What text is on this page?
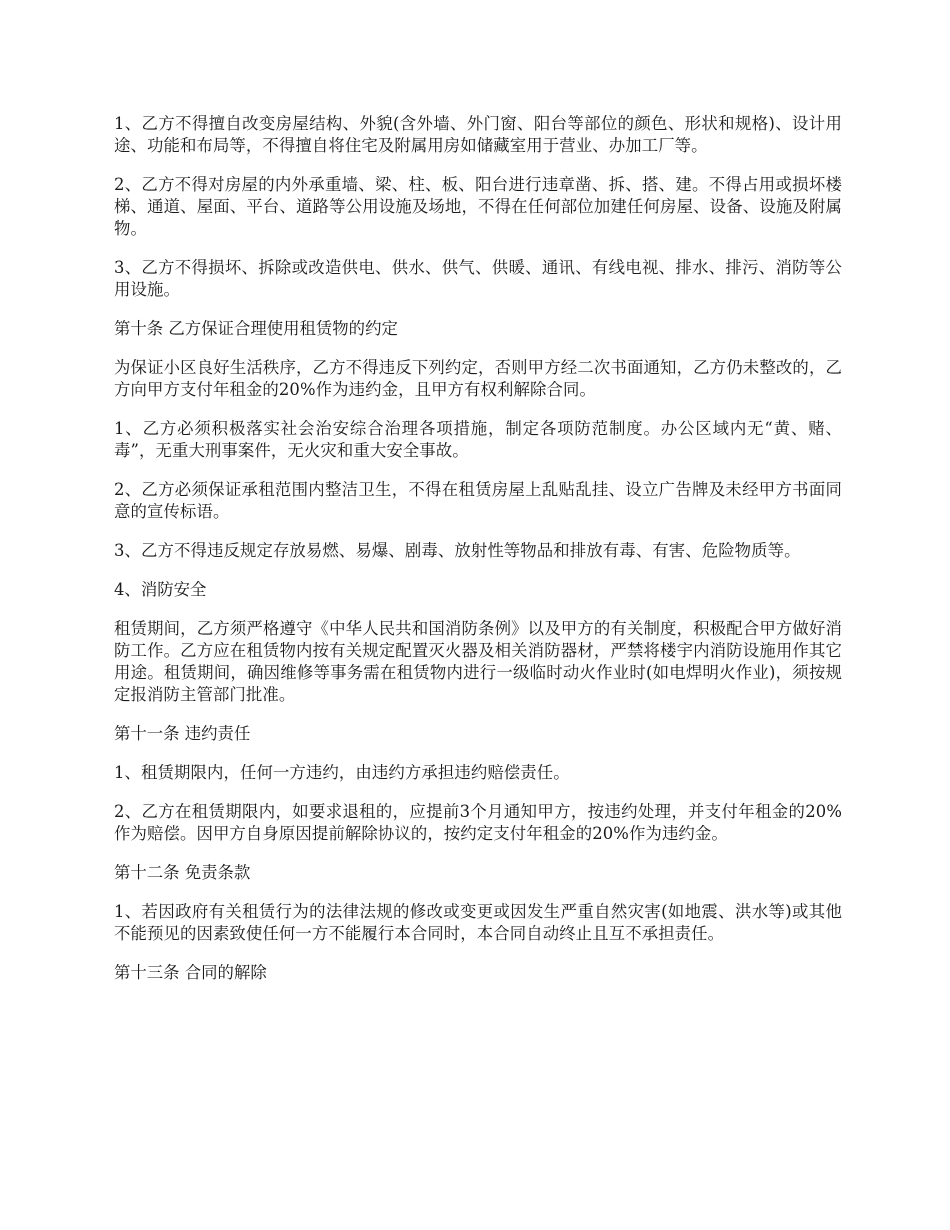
1、乙方不得擅自改变房屋结构、外貌(含外墙、外门窗、阳台等部位的颜色、形状和规格)、设计用途、功能和布局等，不得擅自将住宅及附属用房如储藏室用于营业、办加工厂等。

2、乙方不得对房屋的内外承重墙、梁、柱、板、阳台进行违章凿、拆、搭、建。不得占用或损坏楼梯、通道、屋面、平台、道路等公用设施及场地，不得在任何部位加建任何房屋、设备、设施及附属物。

3、乙方不得损坏、拆除或改造供电、供水、供气、供暖、通讯、有线电视、排水、排污、消防等公用设施。

第十条 乙方保证合理使用租赁物的约定

为保证小区良好生活秩序，乙方不得违反下列约定，否则甲方经二次书面通知，乙方仍未整改的，乙方向甲方支付年租金的20%作为违约金，且甲方有权利解除合同。

1、乙方必须积极落实社会治安综合治理各项措施，制定各项防范制度。办公区域内无“黄、赌、毒”，无重大刑事案件，无火灾和重大安全事故。

2、乙方必须保证承租范围内整洁卫生，不得在租赁房屋上乱贴乱挂、设立广告牌及未经甲方书面同意的宣传标语。

3、乙方不得违反规定存放易燃、易爆、剧毒、放射性等物品和排放有毒、有害、危险物质等。

4、消防安全

租赁期间，乙方须严格遵守《中华人民共和国消防条例》以及甲方的有关制度，积极配合甲方做好消防工作。乙方应在租赁物内按有关规定配置灭火器及相关消防器材，严禁将楼宇内消防设施用作其它用途。租赁期间，确因维修等事务需在租赁物内进行一级临时动火作业时(如电焊明火作业)，须按规定报消防主管部门批准。

第十一条 违约责任

1、租赁期限内，任何一方违约，由违约方承担违约赔偿责任。

2、乙方在租赁期限内，如要求退租的，应提前3个月通知甲方，按违约处理，并支付年租金的20%作为赔偿。因甲方自身原因提前解除协议的，按约定支付年租金的20%作为违约金。

第十二条 免责条款

1、若因政府有关租赁行为的法律法规的修改或变更或因发生严重自然灾害(如地震、洪水等)或其他不能预见的因素致使任何一方不能履行本合同时，本合同自动终止且互不承担责任。

第十三条 合同的解除
